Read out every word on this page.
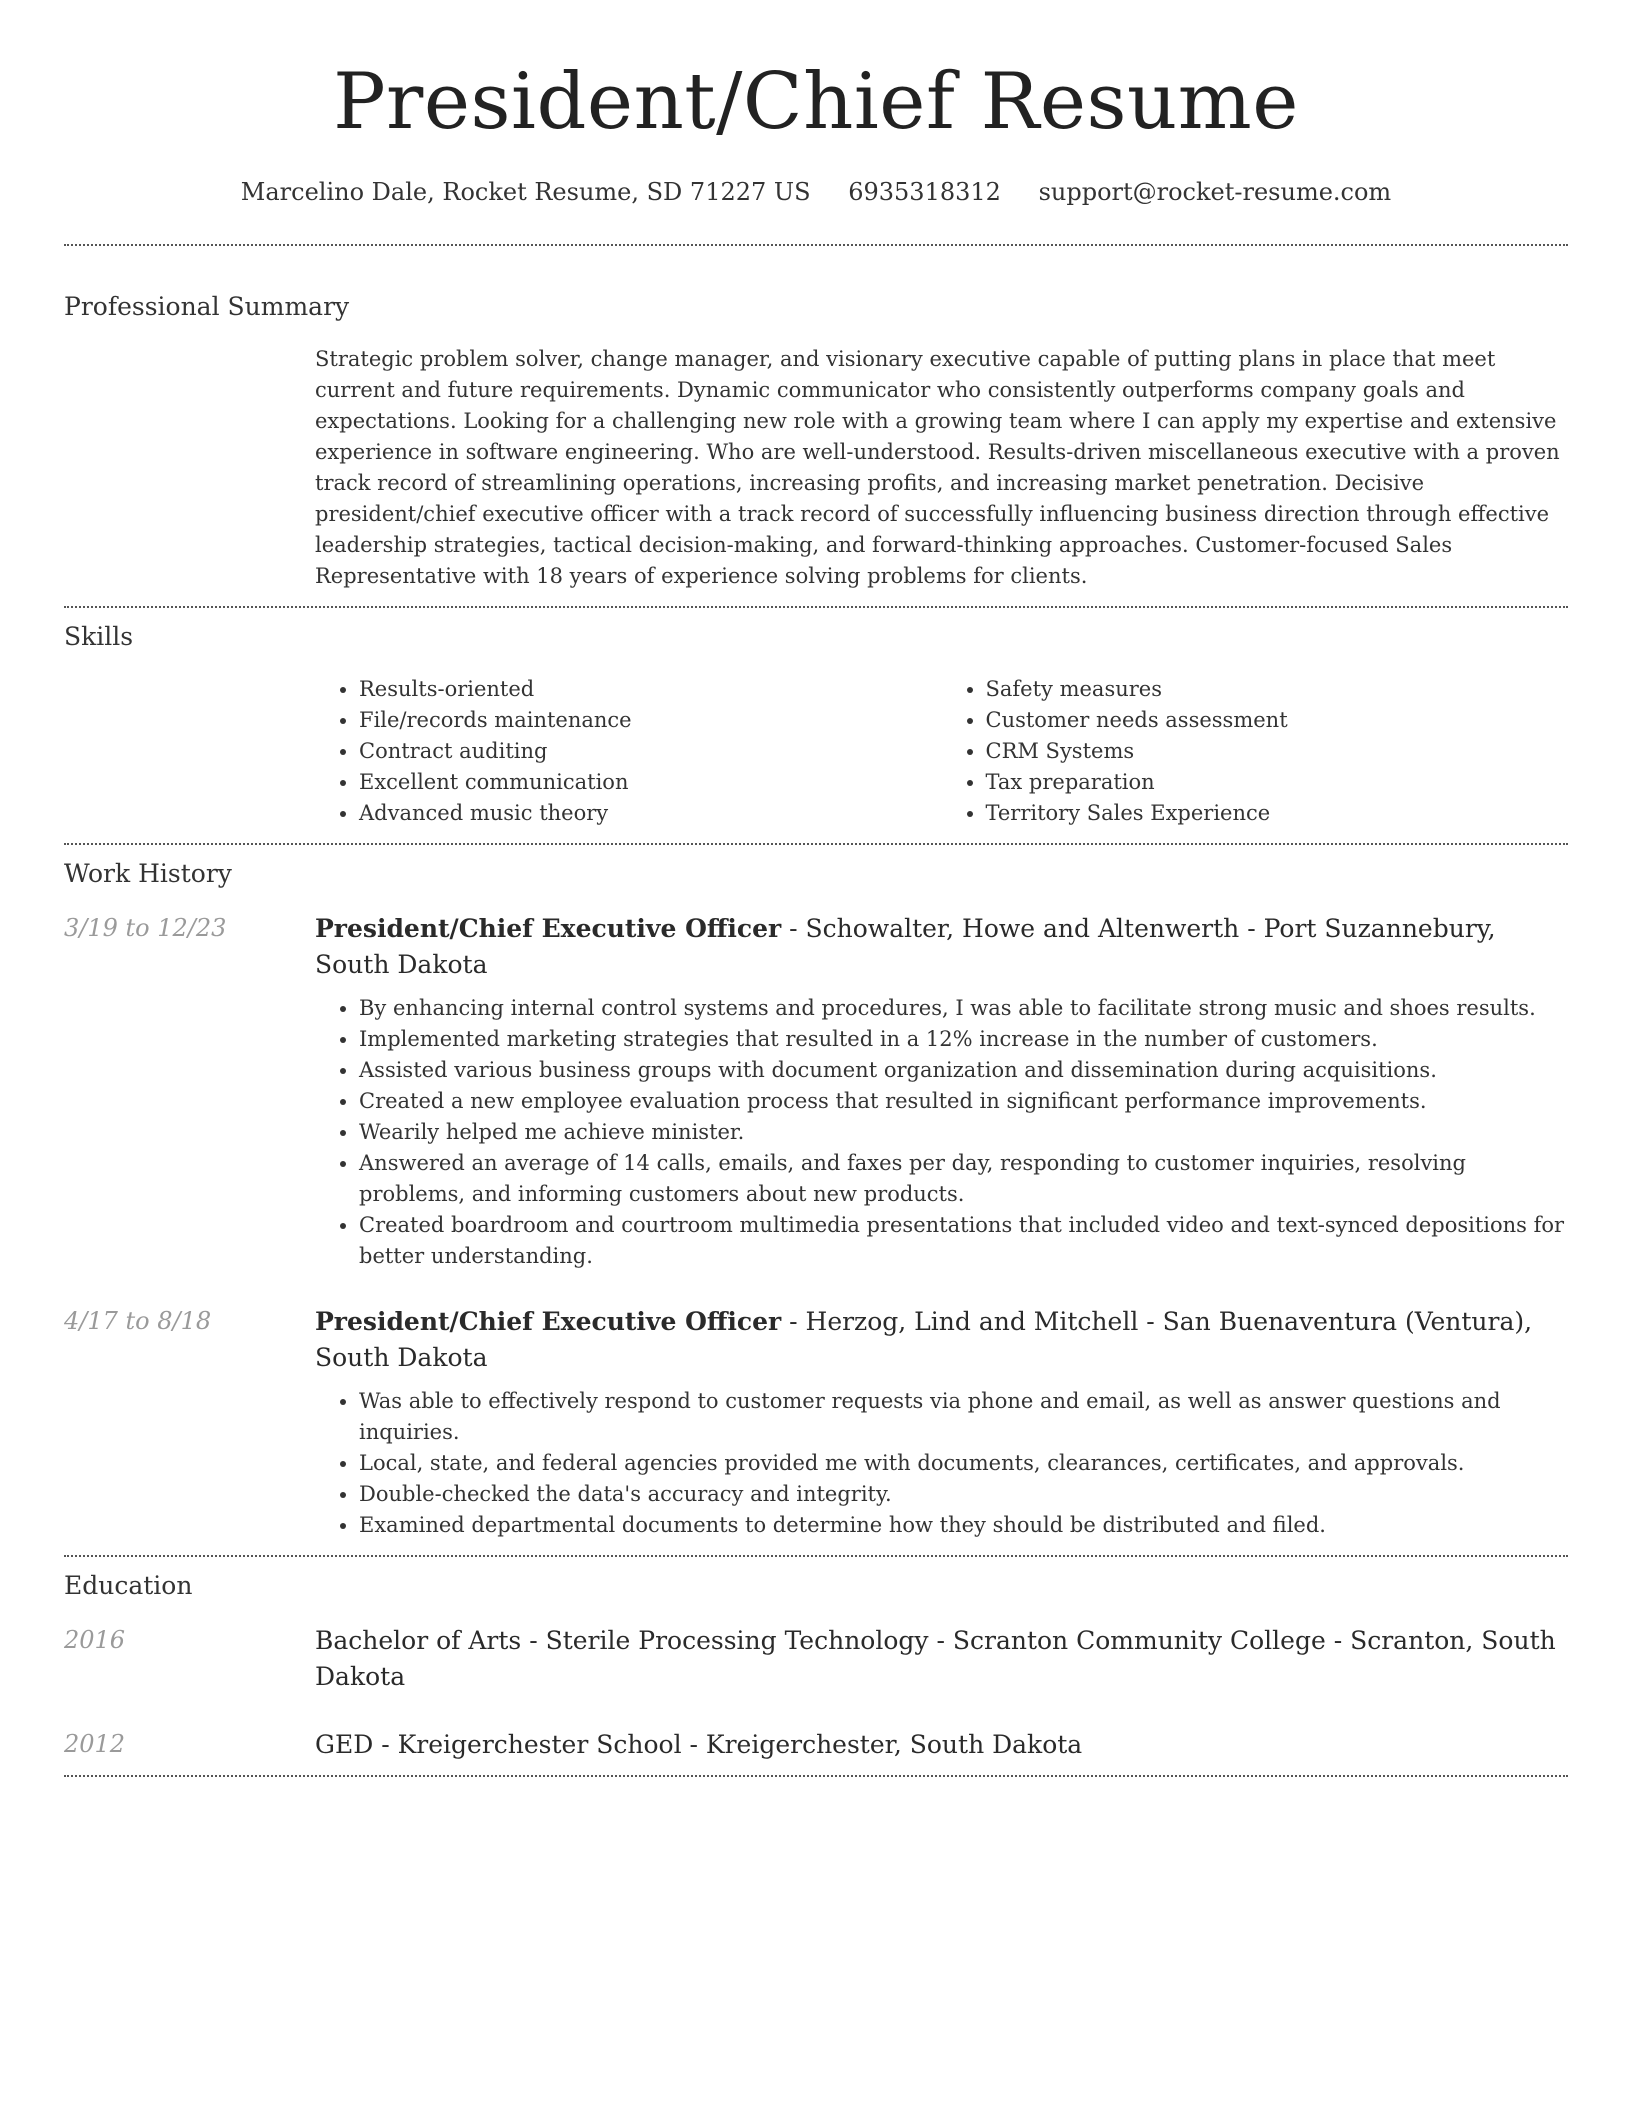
President/Chief Resume
Marcelino Dale, Rocket Resume, SD 71227 US 6935318312 support@rocket-resume.com
Professional Summary

Strategic problem solver, change manager, and visionary executive capable of putting plans in place that meet current and future requirements. Dynamic communicator who consistently outperforms company goals and expectations. Looking for a challenging new role with a growing team where I can apply my expertise and extensive experience in software engineering. Who are well-understood. Results-driven miscellaneous executive with a proven track record of streamlining operations, increasing profits, and increasing market penetration. Decisive president/chief executive officer with a track record of successfully influencing business direction through effective leadership strategies, tactical decision-making, and forward-thinking approaches. Customer-focused Sales Representative with 18 years of experience solving problems for clients.

Skills
• Results-oriented
• File/records maintenance
• Contract auditing
• Excellent communication
• Advanced music theory
• Safety measures
• Customer needs assessment
• CRM Systems
• Tax preparation
• Territory Sales Experience
Work History
3/19 to 12/23	President/Chief Executive Officer - Schowalter, Howe and Altenwerth - Port Suzannebury, South Dakota
• By enhancing internal control systems and procedures, I was able to facilitate strong music and shoes results.
• Implemented marketing strategies that resulted in a 12% increase in the number of customers.
• Assisted various business groups with document organization and dissemination during acquisitions.
• Created a new employee evaluation process that resulted in significant performance improvements.
• Wearily helped me achieve minister.
• Answered an average of 14 calls, emails, and faxes per day, responding to customer inquiries, resolving problems, and informing customers about new products.
• Created boardroom and courtroom multimedia presentations that included video and text-synced depositions for better understanding.
4/17 to 8/18	President/Chief Executive Officer - Herzog, Lind and Mitchell - San Buenaventura (Ventura), South Dakota
• Was able to effectively respond to customer requests via phone and email, as well as answer questions and inquiries.
• Local, state, and federal agencies provided me with documents, clearances, certificates, and approvals.
• Double-checked the data's accuracy and integrity.
• Examined departmental documents to determine how they should be distributed and filed.
Education
2016	Bachelor of Arts - Sterile Processing Technology - Scranton Community College - Scranton, South Dakota
2012	GED - Kreigerchester School - Kreigerchester, South Dakota
